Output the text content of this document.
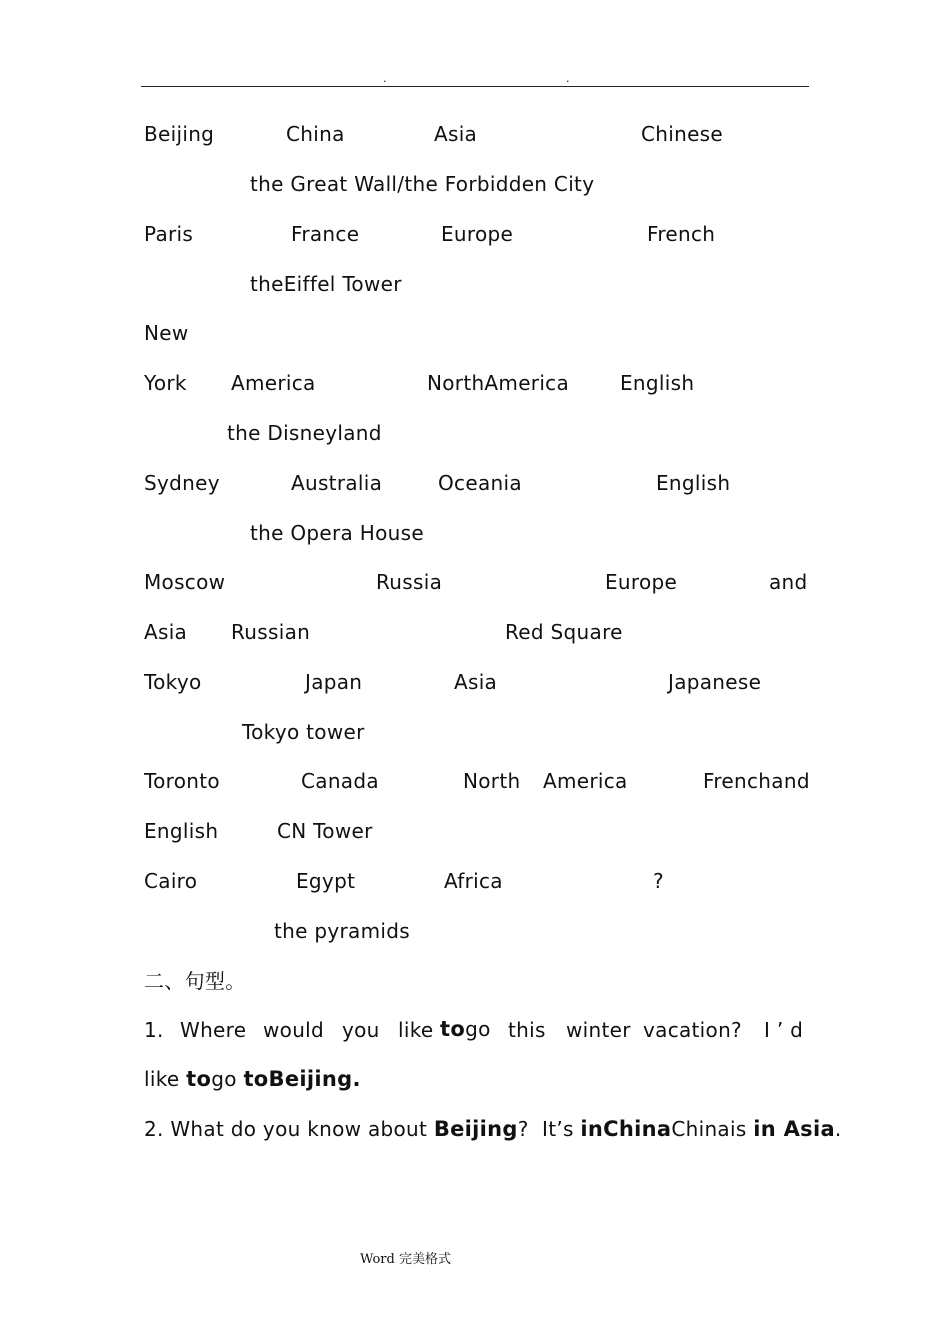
.	.
Beijing	China	Asia	Chinese
the Great Wall/the Forbidden City
Paris	France	Europe	French
theEiffel Tower
New
York America	NorthAmerica	English
the Disneyland
Sydney	Australia	Oceania	English
the Opera House
Moscow	Russia	Europe	and
Asia Russian	Red Square
Tokyo	Japan	Asia	Japanese
Tokyo tower
Toronto	Canada	North America	Frenchand
English	CN Tower
Cairo	Egypt	Africa	?
the pyramids
二、句型。
1. Where would you like togo this winter vacation? I ’ d
like togo toBeijing.
2. What do you know about Beijing? It’s inChinaChinais in Asia.
Word 完美格式
